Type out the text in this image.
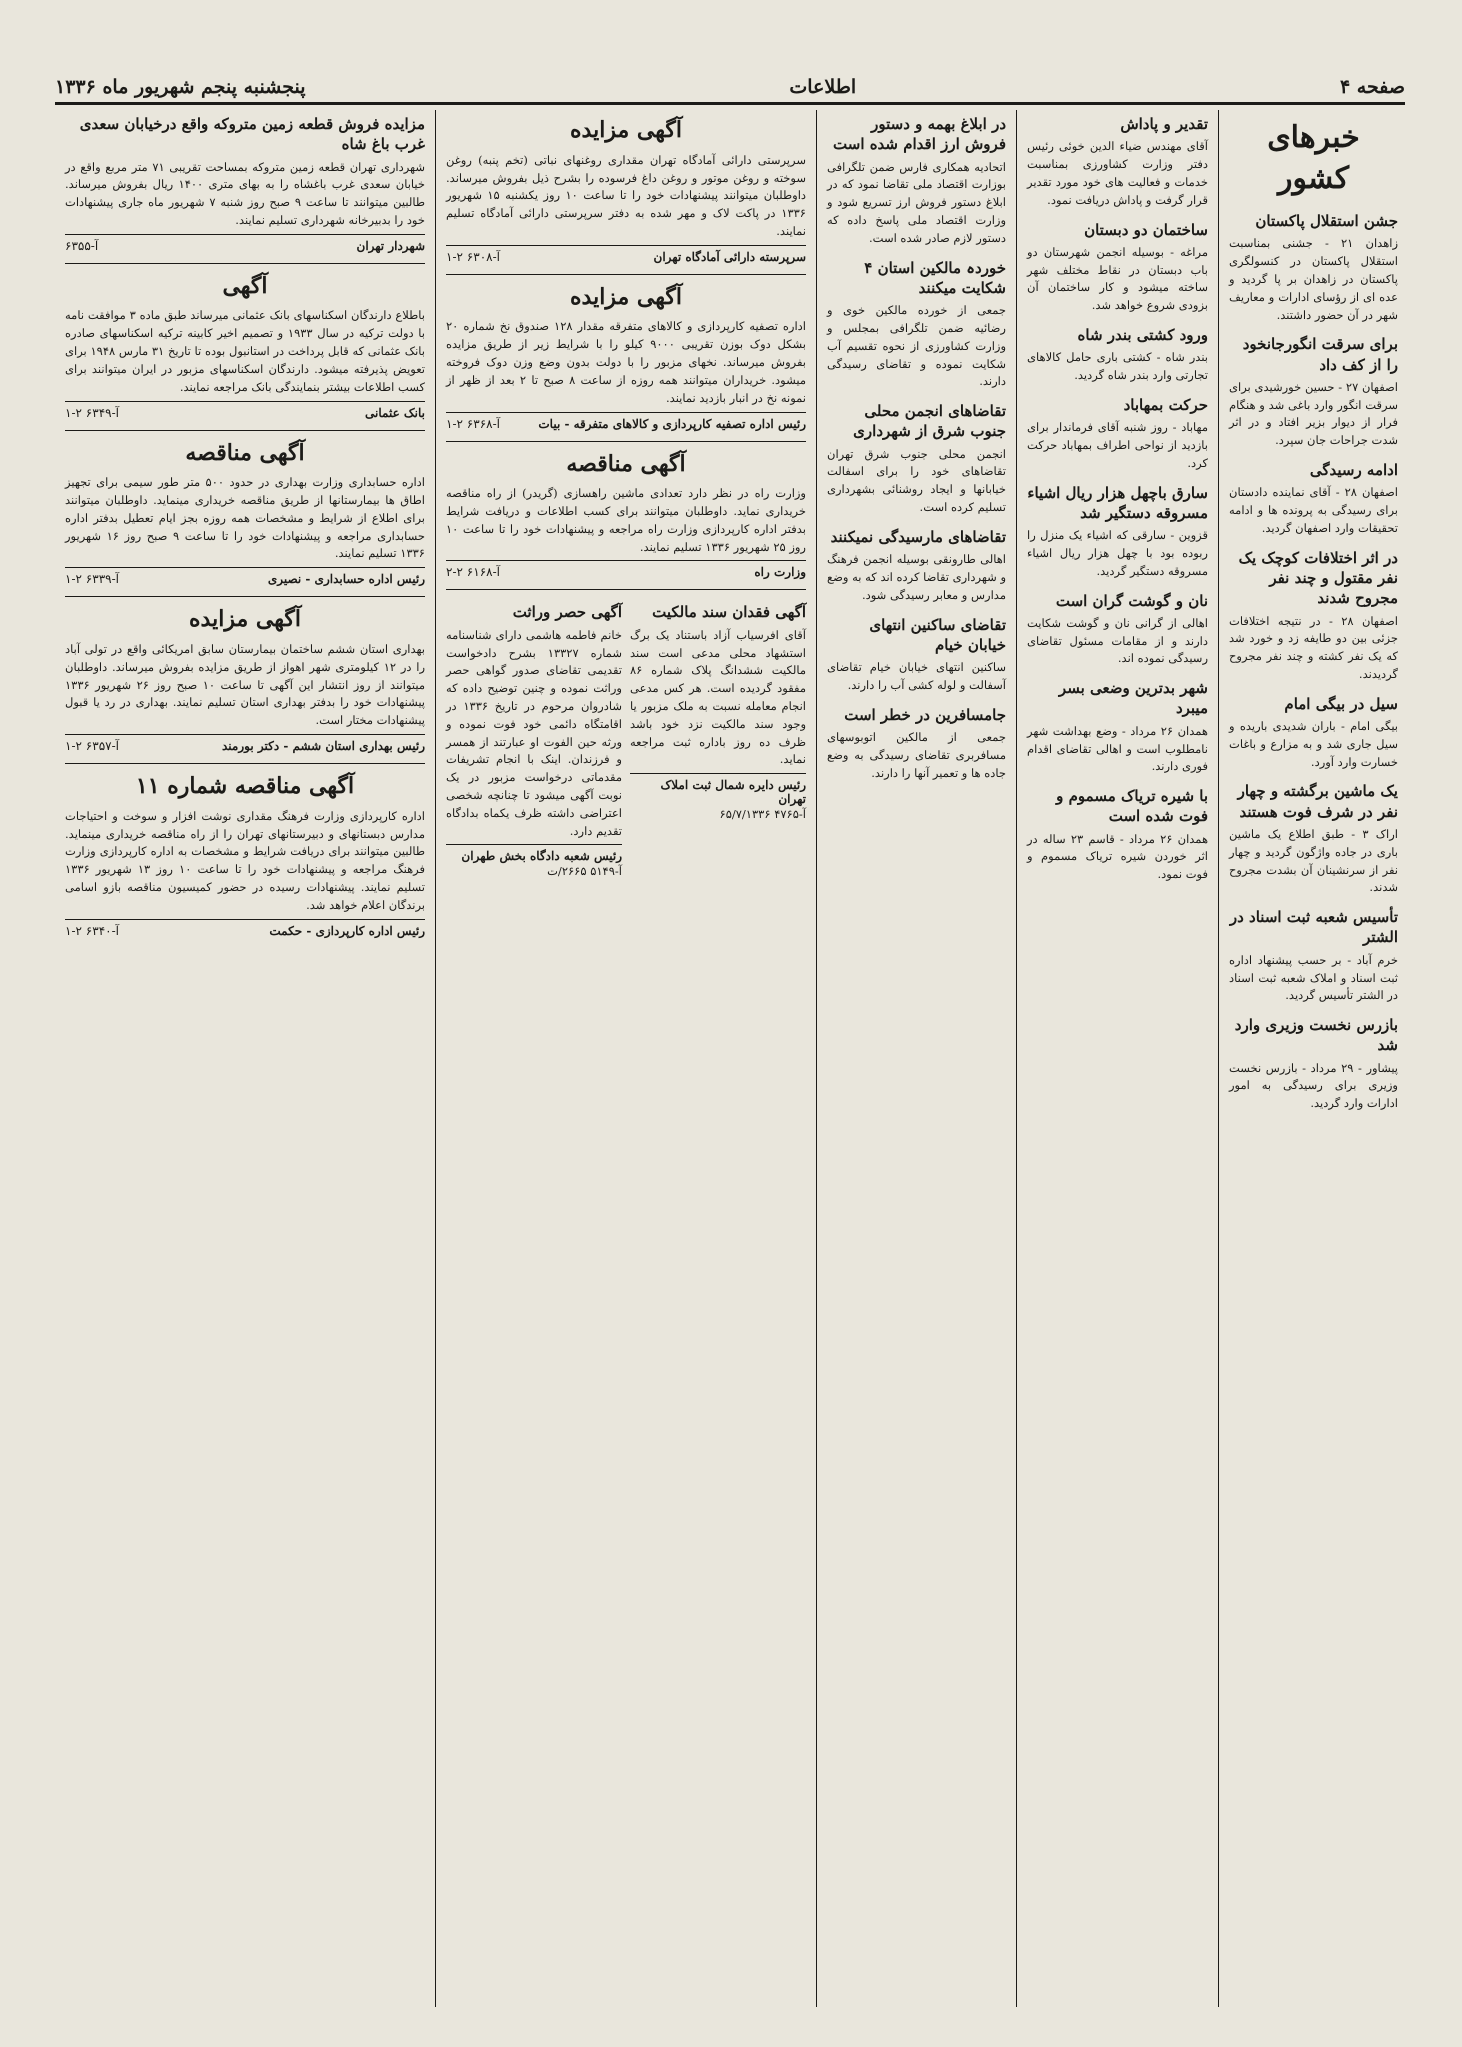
صفحه ۴
اطلاعات
پنجشنبه پنجم شهریور ماه ۱۳۳۶
خبرهای کشور
جشن استقلال پاکستان

زاهدان ۲۱ - جشنی بمناسبت استقلال پاکستان در کنسولگری پاکستان در زاهدان بر پا گردید و عده ای از رؤسای ادارات و معاریف شهر در آن حضور داشتند.

برای سرقت انگورجانخود را از کف داد

اصفهان ۲۷ - حسین خورشیدی برای سرقت انگور وارد باغی شد و هنگام فرار از دیوار بزیر افتاد و در اثر شدت جراحات جان سپرد.

ادامه رسیدگی

اصفهان ۲۸ - آقای نماینده دادستان برای رسیدگی به پرونده ها و ادامه تحقیقات وارد اصفهان گردید.

در اثر اختلافات کوچک یک نفر مقتول و چند نفر مجروح شدند

اصفهان ۲۸ - در نتیجه اختلافات جزئی بین دو طایفه زد و خورد شد که یک نفر کشته و چند نفر مجروح گردیدند.

سیل در بیگی امام

بیگی امام - باران شدیدی باریده و سیل جاری شد و به مزارع و باغات خسارت وارد آورد.

یک ماشین برگشته و چهار نفر در شرف فوت هستند

اراک ۳ - طبق اطلاع یک ماشین باری در جاده واژگون گردید و چهار نفر از سرنشینان آن بشدت مجروح شدند.

تأسیس شعبه ثبت اسناد در الشتر

خرم آباد - بر حسب پیشنهاد اداره ثبت اسناد و املاک شعبه ثبت اسناد در الشتر تأسیس گردید.

بازرس نخست وزیری وارد شد

پیشاور - ۲۹ مرداد - بازرس نخست وزیری برای رسیدگی به امور ادارات وارد گردید.

تقدیر و پاداش

آقای مهندس ضیاء الدین خوئی رئیس دفتر وزارت کشاورزی بمناسبت خدمات و فعالیت های خود مورد تقدیر قرار گرفت و پاداش دریافت نمود.

ساختمان دو دبستان

مراغه - بوسیله انجمن شهرستان دو باب دبستان در نقاط مختلف شهر ساخته میشود و کار ساختمان آن بزودی شروع خواهد شد.

ورود کشتی بندر شاه

بندر شاه - کشتی باری حامل کالاهای تجارتی وارد بندر شاه گردید.

حرکت بمهاباد

مهاباد - روز شنبه آقای فرماندار برای بازدید از نواحی اطراف بمهاباد حرکت کرد.

سارق باچهل هزار ریال اشیاء مسروقه دستگیر شد

قزوین - سارقی که اشیاء یک منزل را ربوده بود با چهل هزار ریال اشیاء مسروقه دستگیر گردید.

نان و گوشت گران است

اهالی از گرانی نان و گوشت شکایت دارند و از مقامات مسئول تقاضای رسیدگی نموده اند.

شهر بدترین وضعی بسر میبرد

همدان ۲۶ مرداد - وضع بهداشت شهر نامطلوب است و اهالی تقاضای اقدام فوری دارند.

با شیره تریاک مسموم و فوت شده است

همدان ۲۶ مرداد - قاسم ۲۳ ساله در اثر خوردن شیره تریاک مسموم و فوت نمود.

در ابلاغ بهمه و دستور فروش ارز اقدام شده است

اتحادیه همکاری فارس ضمن تلگرافی بوزارت اقتصاد ملی تقاضا نمود که در ابلاغ دستور فروش ارز تسریع شود و وزارت اقتصاد ملی پاسخ داده که دستور لازم صادر شده است.

خوردہ مالکین استان ۴ شکایت میکنند

جمعی از خورده مالکین خوی و رضائیه ضمن تلگرافی بمجلس و وزارت کشاورزی از نحوه تقسیم آب شکایت نموده و تقاضای رسیدگی دارند.

تقاضاهای انجمن محلی جنوب شرق از شهرداری

انجمن محلی جنوب شرق تهران تقاضاهای خود را برای اسفالت خیابانها و ایجاد روشنائی بشهرداری تسلیم کرده است.

تقاضاهای مارسیدگی نمیکنند

اهالی طارونقی بوسیله انجمن فرهنگ و شهرداری تقاضا کرده اند که به وضع مدارس و معابر رسیدگی شود.

تقاضای ساکنین انتهای خیابان خیام

ساکنین انتهای خیابان خیام تقاضای آسفالت و لوله کشی آب را دارند.

جامسافرین در خطر است

جمعی از مالکین اتوبوسهای مسافربری تقاضای رسیدگی به وضع جاده ها و تعمیر آنها را دارند.

آگهی مزایده

سرپرستی دارائی آمادگاه تهران مقداری روغنهای نباتی (تخم پنبه) روغن سوخته و روغن موتور و روغن داغ فرسوده را بشرح ذیل بفروش میرساند. داوطلبان میتوانند پیشنهادات خود را تا ساعت ۱۰ روز یکشنبه ۱۵ شهریور ۱۳۳۶ در پاکت لاک و مهر شده به دفتر سرپرستی دارائی آمادگاه تسلیم نمایند.

سرپرسته دارائی آمادگاه تهران
آ-۶۳۰۸ ۲-۱
آگهی مزایده

اداره تصفیه کارپردازی و کالاهای متفرقه مقدار ۱۲۸ صندوق نخ شماره ۲۰ بشکل دوک بوزن تقریبی ۹۰۰۰ کیلو را با شرایط زیر از طریق مزایده بفروش میرساند. نخهای مزبور را با دولت بدون وضع وزن دوک فروخته میشود. خریداران میتوانند همه روزه از ساعت ۸ صبح تا ۲ بعد از ظهر از نمونه نخ در انبار بازدید نمایند.

رئیس اداره تصفیه کارپردازی و کالاهای متفرقه - بیات
آ-۶۳۶۸ ۲-۱
آگهی مناقصه

وزارت راه در نظر دارد تعدادی ماشین راهسازی (گریدر) از راه مناقصه خریداری نماید. داوطلبان میتوانند برای کسب اطلاعات و دریافت شرایط بدفتر اداره کارپردازی وزارت راه مراجعه و پیشنهادات خود را تا ساعت ۱۰ روز ۲۵ شهریور ۱۳۳۶ تسلیم نمایند.

وزارت راه
آ-۶۱۶۸ ۲-۲
آگهی فقدان سند مالکیت

آقای افرسیاب آزاد باستناد یک برگ استشهاد محلی مدعی است سند مالکیت ششدانگ پلاک شماره ۸۶ مفقود گردیده است. هر کس مدعی انجام معامله نسبت به ملک مزبور یا وجود سند مالکیت نزد خود باشد ظرف ده روز باداره ثبت مراجعه نماید.

رئیس دایره شمال ثبت املاک تهران
آ-۴۷۶۵ ۶۵/۷/۱۳۳۶
آگهی حصر وراثت

خانم فاطمه هاشمی دارای شناسنامه شماره ۱۳۳۲۷ بشرح دادخواست تقدیمی تقاضای صدور گواهی حصر وراثت نموده و چنین توضیح داده که شادروان مرحوم در تاریخ ۱۳۳۶ در اقامتگاه دائمی خود فوت نموده و ورثه حین الفوت او عبارتند از همسر و فرزندان. اینک با انجام تشریفات مقدماتی درخواست مزبور در یک نوبت آگهی میشود تا چنانچه شخصی اعتراضی داشته ظرف یکماه بدادگاه تقدیم دارد.

رئیس شعبه دادگاه بخش طهران
آ-۵۱۴۹ ۲۶۶۵/ت
مزایده فروش قطعه زمین متروکه واقع درخیابان سعدی غرب باغ شاه

شهرداری تهران قطعه زمین متروکه بمساحت تقریبی ۷۱ متر مربع واقع در خیابان سعدی غرب باغشاه را به بهای متری ۱۴۰۰ ریال بفروش میرساند. طالبین میتوانند تا ساعت ۹ صبح روز شنبه ۷ شهریور ماه جاری پیشنهادات خود را بدبیرخانه شهرداری تسلیم نمایند.

شهردار تهران
آ-۶۳۵۵
آگهی

باطلاع دارندگان اسکناسهای بانک عثمانی میرساند طبق ماده ۳ موافقت نامه با دولت ترکیه در سال ۱۹۳۳ و تصمیم اخیر کابینه ترکیه اسکناسهای صادره بانک عثمانی که قابل پرداخت در استانبول بوده تا تاریخ ۳۱ مارس ۱۹۴۸ برای تعویض پذیرفته میشود. دارندگان اسکناسهای مزبور در ایران میتوانند برای کسب اطلاعات بیشتر بنمایندگی بانک مراجعه نمایند.

بانک عثمانی
آ-۶۳۴۹ ۲-۱
آگهی مناقصه

اداره حسابداری وزارت بهداری در حدود ۵۰۰ متر طور سیمی برای تجهیز اطاق ها بیمارستانها از طریق مناقصه خریداری مینماید. داوطلبان میتوانند برای اطلاع از شرایط و مشخصات همه روزه بجز ایام تعطیل بدفتر اداره حسابداری مراجعه و پیشنهادات خود را تا ساعت ۹ صبح روز ۱۶ شهریور ۱۳۳۶ تسلیم نمایند.

رئیس اداره حسابداری - نصیری
آ-۶۳۳۹ ۲-۱
آگهی مزایده

بهداری استان ششم ساختمان بیمارستان سابق امریکائی واقع در تولی آباد را در ۱۲ کیلومتری شهر اهواز از طریق مزایده بفروش میرساند. داوطلبان میتوانند از روز انتشار این آگهی تا ساعت ۱۰ صبح روز ۲۶ شهریور ۱۳۳۶ پیشنهادات خود را بدفتر بهداری استان تسلیم نمایند. بهداری در رد یا قبول پیشنهادات مختار است.

رئیس بهداری استان ششم - دکتر بورمند
آ-۶۳۵۷ ۲-۱
آگهی مناقصه شماره ۱۱

اداره کارپردازی وزارت فرهنگ مقداری نوشت افزار و سوخت و احتیاجات مدارس دبستانهای و دبیرستانهای تهران را از راه مناقصه خریداری مینماید. طالبین میتوانند برای دریافت شرایط و مشخصات به اداره کارپردازی وزارت فرهنگ مراجعه و پیشنهادات خود را تا ساعت ۱۰ روز ۱۳ شهریور ۱۳۳۶ تسلیم نمایند. پیشنهادات رسیده در حضور کمیسیون مناقصه بازو اسامی برندگان اعلام خواهد شد.

رئیس اداره کارپردازی - حکمت
آ-۶۳۴۰ ۲-۱
